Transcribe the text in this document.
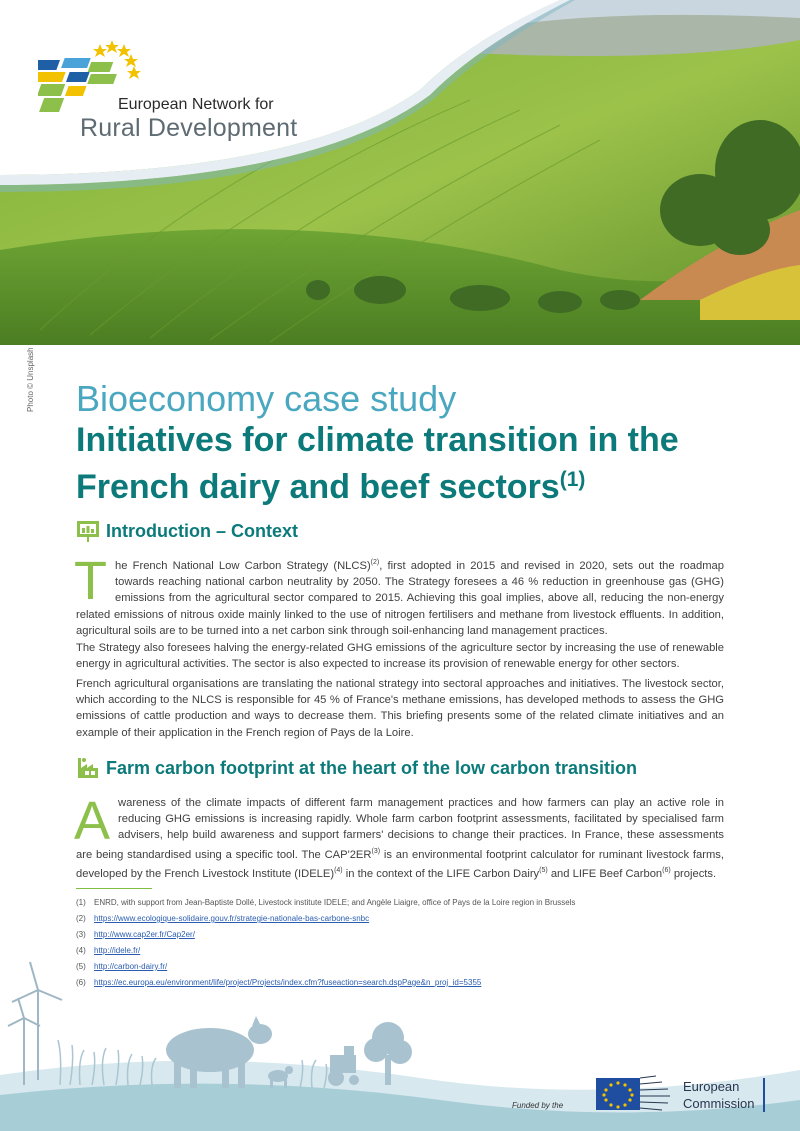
European Network for
Rural Development
Photo © Unsplash Bioeconomy case study
Initiatives for climate transition in the French dairy and beef sectors$^{(1)}$
Introduction – Context

The French National Low Carbon Strategy (NLCS)$^{(2)}$, first adopted in 2015 and revised in 2020, sets out the roadmap towards reaching national carbon neutrality by 2050. The Strategy foresees a 46 % reduction in greenhouse gas (GHG) emissions from the agricultural sector compared to 2015. Achieving this goal implies, above all, reducing the non-energy related emissions of nitrous oxide mainly linked to the use of nitrogen fertilisers and methane from livestock effluents. In addition, agricultural soils are to be turned into a net carbon sink through soil-enhancing land management practices.

The Strategy also foresees halving the energy-related GHG emissions of the agriculture sector by increasing the use of renewable energy in agricultural activities. The sector is also expected to increase its provision of renewable energy for other sectors.

French agricultural organisations are translating the national strategy into sectoral approaches and initiatives. The livestock sector, which according to the NLCS is responsible for 45 % of France's methane emissions, has developed methods to assess the GHG emissions of cattle production and ways to decrease them. This briefing presents some of the related climate initiatives and an example of their application in the French region of Pays de la Loire.

Farm carbon footprint at the heart of the low carbon transition

Awareness of the climate impacts of different farm management practices and how farmers can play an active role in reducing GHG emissions is increasing rapidly. Whole farm carbon footprint assessments, facilitated by specialised farm advisers, help build awareness and support farmers' decisions to change their practices. In France, these assessments are being standardised using a specific tool. The CAP'2ER$^{(3)}$ is an environmental footprint calculator for ruminant livestock farms, developed by the French Livestock Institute (IDELE)$^{(4)}$ in the context of the LIFE Carbon Dairy$^{(5)}$ and LIFE Beef Carbon$^{(6)}$ projects.

(1)	ENRD, with support from Jean-Baptiste Dollé, Livestock institute IDELE; and Angèle Liaigre, office of Pays de la Loire region in Brussels
(2)	https://www.ecologique-solidaire.gouv.fr/strategie-nationale-bas-carbone-snbc
(3)	http://www.cap2er.fr/Cap2er/
(4)	http://idele.fr/
(5)	http://carbon-dairy.fr/
(6)	https://ec.europa.eu/environment/life/project/Projects/index.cfm?fuseaction=search.dspPage&n_proj_id=5355
Funded by the
European
Commission
